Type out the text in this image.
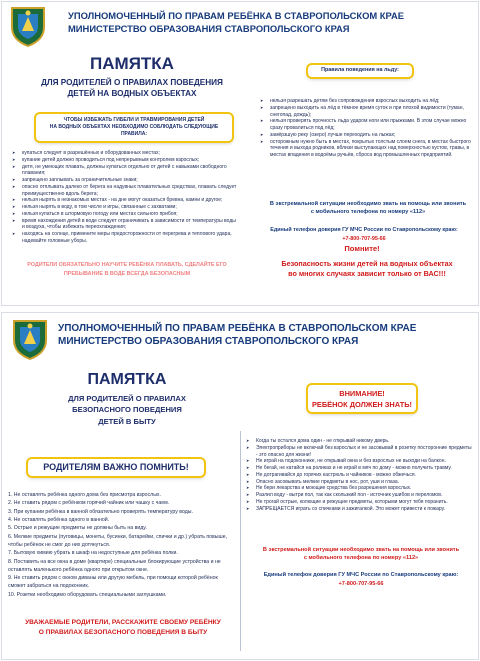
УПОЛНОМОЧЕННЫЙ ПО ПРАВАМ РЕБЁНКА В СТАВРОПОЛЬСКОМ КРАЕ
МИНИСТЕРСТВО ОБРАЗОВАНИЯ СТАВРОПОЛЬСКОГО КРАЯ
ПАМЯТКА
ДЛЯ РОДИТЕЛЕЙ О ПРАВИЛАХ ПОВЕДЕНИЯ
ДЕТЕЙ НА ВОДНЫХ ОБЪЕКТАХ
ЧТОБЫ ИЗБЕЖАТЬ ГИБЕЛИ И ТРАВМИРОВАНИЯ ДЕТЕЙ
НА ВОДНЫХ ОБЪЕКТАХ НЕОБХОДИМО СОБЛЮДАТЬ СЛЕДУЮЩИЕ
ПРАВИЛА:
➤ купаться следует в разрешённых и оборудованных местах;
➤ купание детей должно проводиться под непрерывным контролем взрослых;
➤ детя, не умеющих плавать, должны купаться отдельно от детей с навыками свободного плавания;
➤ запрещено заплывать за ограничительные знаки;
➤ опасно отплывать далеко от берега на надувных плавательных средствах, плавать следует преимущественно вдоль берега;
➤ нельзя нырять в незнакомых местах - на дне могут оказаться бревна, камни и другое;
➤ нельзя нырять в воду, в том числе и игры, связанные с захватами;
➤ нельзя купаться в штормовую погоду или местах сильного прибоя;
➤ время нахождения детей в воде следует ограничивать в зависимости от температуры воды и воздуха, чтобы избежать переохлаждения;
➤ находясь на солнце, примените меры предосторожности от перегрева и теплового удара, надевайте головные уборы.
РОДИТЕЛИ ОБЯЗАТЕЛЬНО НАУЧИТЕ РЕБЁНКА ПЛАВАТЬ, СДЕЛАЙТЕ ЕГО
ПРЕБЫВАНИЕ В ВОДЕ ВСЕГДА БЕЗОПАСНЫМ
Правила поведения на льду:
➤ нельзя разрешать детям без сопровождения взрослых выходить на лёд;
➤ запрещено выходить на лёд в тёмное время суток и при плохой видимости (туман, снегопад, дождь);
➤ нельзя проверять прочность льда ударом ноги или прыжками. В этом случае можно сразу провалиться под лёд;
➤ замёрзшую реку (озеро) лучше переходить на лыжах;
➤ осторожным нужно быть в местах, покрытых толстым слоем снега, в местах быстрого течения и выхода родников, вблизи выступающих над поверхностью кустов, травы, в местах впадения в водоёмы ручьёв, сброса вод промышленных предприятий.
В экстремальной ситуации необходимо звать на помощь или звонить
с мобильного телефона по номеру «112»
Единый телефон доверия ГУ МЧС России по Ставропольскому краю:
+7-800-707-95-66
Помните!
Безопасность жизни детей на водных объектах
во многих случаях зависит только от ВАС!!!
УПОЛНОМОЧЕННЫЙ ПО ПРАВАМ РЕБЁНКА В СТАВРОПОЛЬСКОМ КРАЕ
МИНИСТЕРСТВО ОБРАЗОВАНИЯ СТАВРОПОЛЬСКОГО КРАЯ
ПАМЯТКА
ДЛЯ РОДИТЕЛЕЙ О ПРАВИЛАХ
БЕЗОПАСНОГО ПОВЕДЕНИЯ
ДЕТЕЙ В БЫТУ
ВНИМАНИЕ!
РЕБЁНОК ДОЛЖЕН ЗНАТЬ!
РОДИТЕЛЯМ ВАЖНО ПОМНИТЬ!
1. Не оставлять ребёнка одного дома без присмотра взрослых.
2. Не ставить рядом с ребёнком горячий чайник или чашку с чаем.
3. При купании ребёнка в ванной обязательно проверять температуру воды.
4. Не оставлять ребёнка одного в ванной.
5. Острые и режущие предметы не должны быть на виду.
6. Мелкие предметы (пуговицы, монеты, бусинки, батарейки, спички и др.) убрать повыше, чтобы ребёнок не смог до них дотянуться.
7. Бытовую химию убрать в шкаф на недоступные для ребёнка полки.
8. Поставить на все окна в доме (квартире) специальные блокирующие устройства и не оставлять маленького ребёнка одного при открытом окне.
9. Не ставить рядом с окном диваны или другую мебель, при помощи которой ребёнок сможет забраться на подоконник.
10. Розетки необходимо оборудовать специальными заглушками.
➤ Когда ты остался дома один - не открывай никому дверь.
➤ Электроприборы не включай без взрослых и не засовывай в розетку посторонние предметы - это опасно для жизни!
➤ Не играй на подоконнике, не открывай окна и без взрослых не выходи на балкон.
➤ Не бегай, не катайся на роликах и не играй в мяч по дому - можно получить травму.
➤ Не дотрагивайся до горячих кастрюль и чайников - можно обжечься.
➤ Опасно засовывать мелкие предметы в нос, рот, уши и глаза.
➤ Не бери лекарства и моющие средства без разрешения взрослых.
➤ Разлил воду - вытри пол, так как скользкий пол - источник ушибов и переломов.
➤ Не трогай острые, колющие и режущие предметы, которыми могут тебя поранить.
➤ ЗАПРЕЩАЕТСЯ играть со спичками и зажигалкой. Это может привести к пожару.
В экстремальной ситуации необходимо звать на помощь или звонить
с мобильного телефона по номеру «112»
Единый телефон доверия ГУ МЧС России по Ставропольскому краю:
+7-800-707-95-66
УВАЖАЕМЫЕ РОДИТЕЛИ, РАССКАЖИТЕ СВОЕМУ РЕБЁНКУ
О ПРАВИЛАХ БЕЗОПАСНОГО ПОВЕДЕНИЯ В БЫТУ
